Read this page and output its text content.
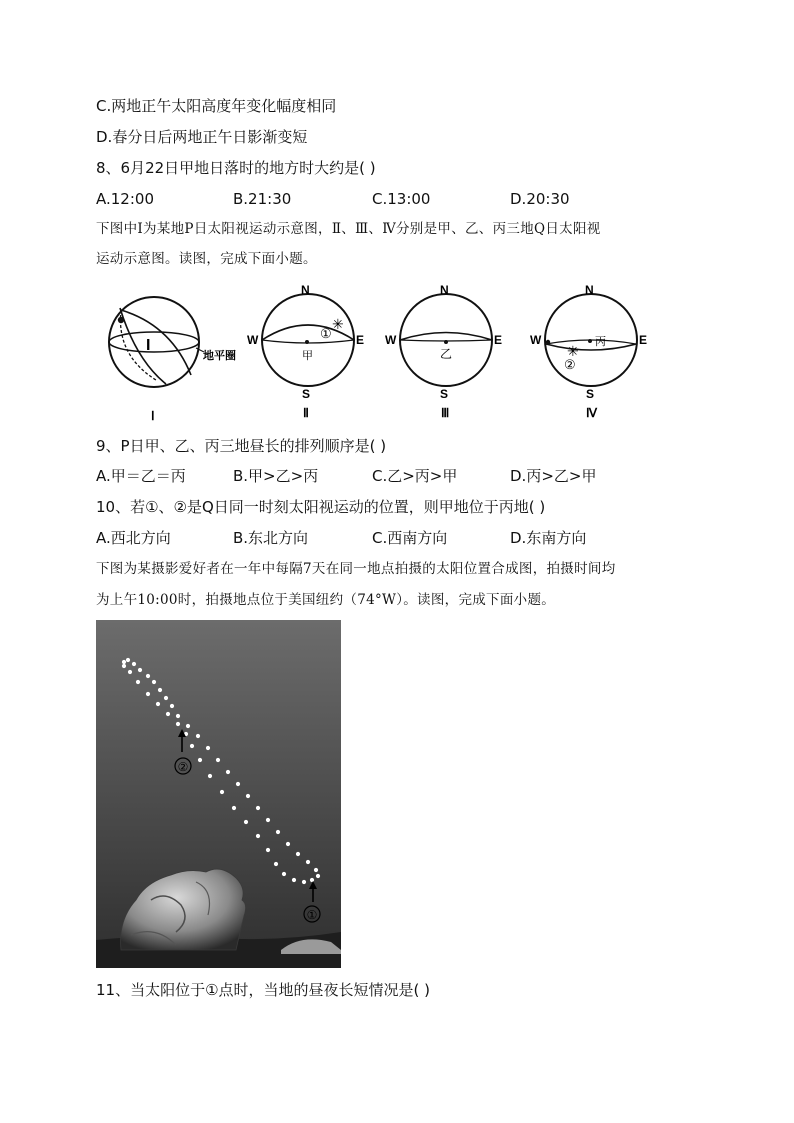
C.两地正午太阳高度年变化幅度相同
D.春分日后两地正午日影渐变短
8、6月22日甲地日落时的地方时大约是( )
A.12:00	B.21:30	C.13:00	D.20:30
下图中Ⅰ为某地P日太阳视运动示意图，Ⅱ、Ⅲ、Ⅳ分别是甲、乙、丙三地Q日太阳视
运动示意图。读图，完成下面小题。
I
地平圈
Ⅰ
甲
①
✳
N
S
W	E
Ⅱ
乙
N
S
W	E
Ⅲ
丙
✳
②
N
S
W	E
Ⅳ
9、P日甲、乙、丙三地昼长的排列顺序是( )
A.甲＝乙＝丙	B.甲>乙>丙	C.乙>丙>甲	D.丙>乙>甲
10、若①、②是Q日同一时刻太阳视运动的位置，则甲地位于丙地( )
A.西北方向	B.东北方向	C.西南方向	D.东南方向
下图为某摄影爱好者在一年中每隔7天在同一地点拍摄的太阳位置合成图，拍摄时间均
为上午10:00时，拍摄地点位于美国纽约（74°W）。读图，完成下面小题。
②
①
11、当太阳位于①点时，当地的昼夜长短情况是( )
